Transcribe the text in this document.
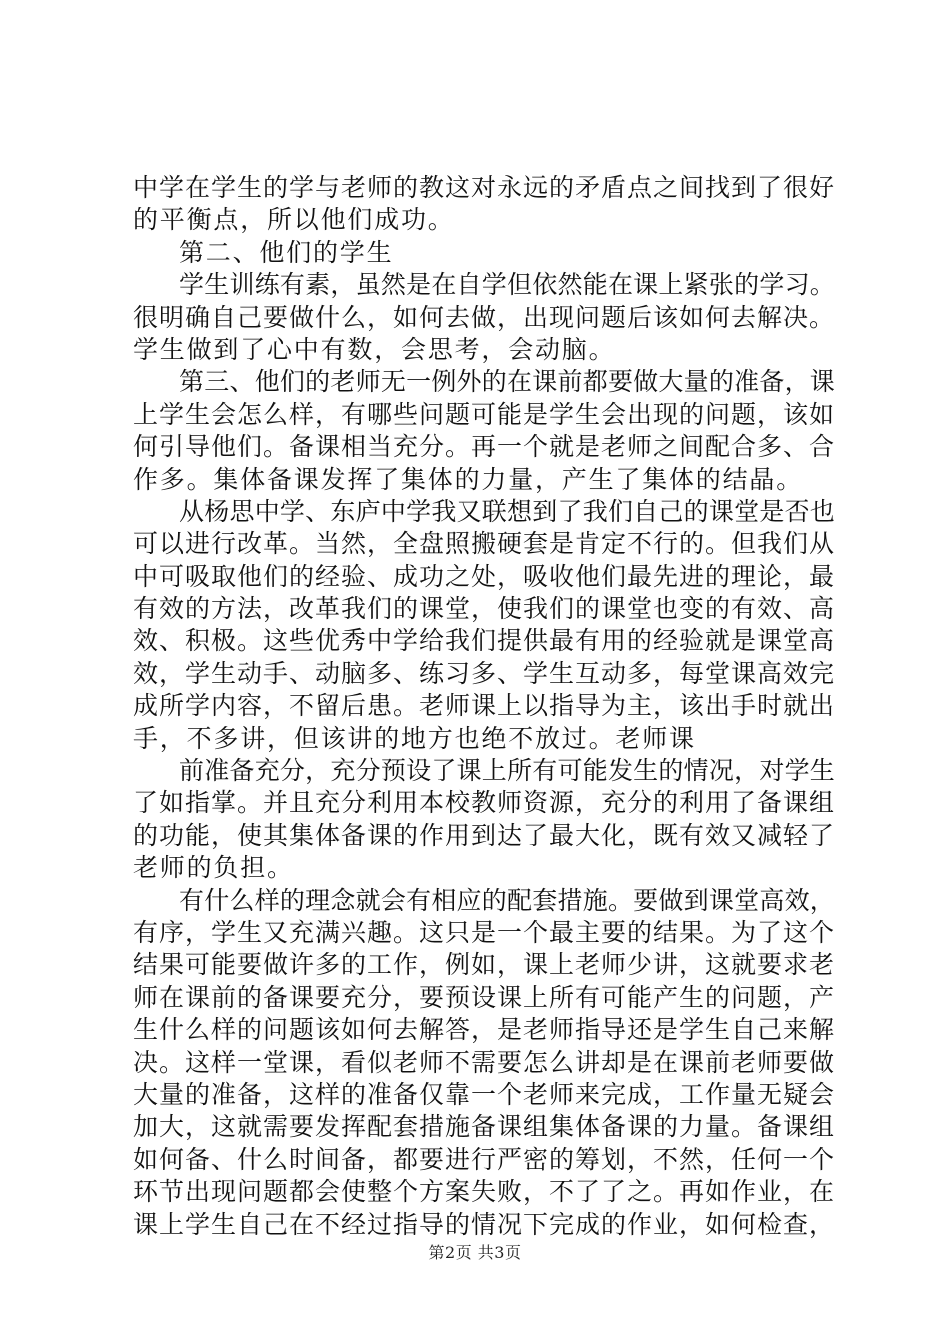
中学在学生的学与老师的教这对永远的矛盾点之间找到了很好
的平衡点，所以他们成功。
第二、他们的学生
学生训练有素，虽然是在自学但依然能在课上紧张的学习。
很明确自己要做什么，如何去做，出现问题后该如何去解决。
学生做到了心中有数，会思考，会动脑。
第三、他们的老师无一例外的在课前都要做大量的准备，课
上学生会怎么样，有哪些问题可能是学生会出现的问题，该如
何引导他们。备课相当充分。再一个就是老师之间配合多、合
作多。集体备课发挥了集体的力量，产生了集体的结晶。
从杨思中学、东庐中学我又联想到了我们自己的课堂是否也
可以进行改革。当然，全盘照搬硬套是肯定不行的。但我们从
中可吸取他们的经验、成功之处，吸收他们最先进的理论，最
有效的方法，改革我们的课堂，使我们的课堂也变的有效、高
效、积极。这些优秀中学给我们提供最有用的经验就是课堂高
效，学生动手、动脑多、练习多、学生互动多，每堂课高效完
成所学内容，不留后患。老师课上以指导为主，该出手时就出
手，不多讲，但该讲的地方也绝不放过。老师课
前准备充分，充分预设了课上所有可能发生的情况，对学生
了如指掌。并且充分利用本校教师资源，充分的利用了备课组
的功能，使其集体备课的作用到达了最大化，既有效又减轻了
老师的负担。
有什么样的理念就会有相应的配套措施。要做到课堂高效，
有序，学生又充满兴趣。这只是一个最主要的结果。为了这个
结果可能要做许多的工作，例如，课上老师少讲，这就要求老
师在课前的备课要充分，要预设课上所有可能产生的问题，产
生什么样的问题该如何去解答，是老师指导还是学生自己来解
决。这样一堂课，看似老师不需要怎么讲却是在课前老师要做
大量的准备，这样的准备仅靠一个老师来完成，工作量无疑会
加大，这就需要发挥配套措施备课组集体备课的力量。备课组
如何备、什么时间备，都要进行严密的筹划，不然，任何一个
环节出现问题都会使整个方案失败，不了了之。再如作业，在
课上学生自己在不经过指导的情况下完成的作业，如何检查，
第2页 共3页
